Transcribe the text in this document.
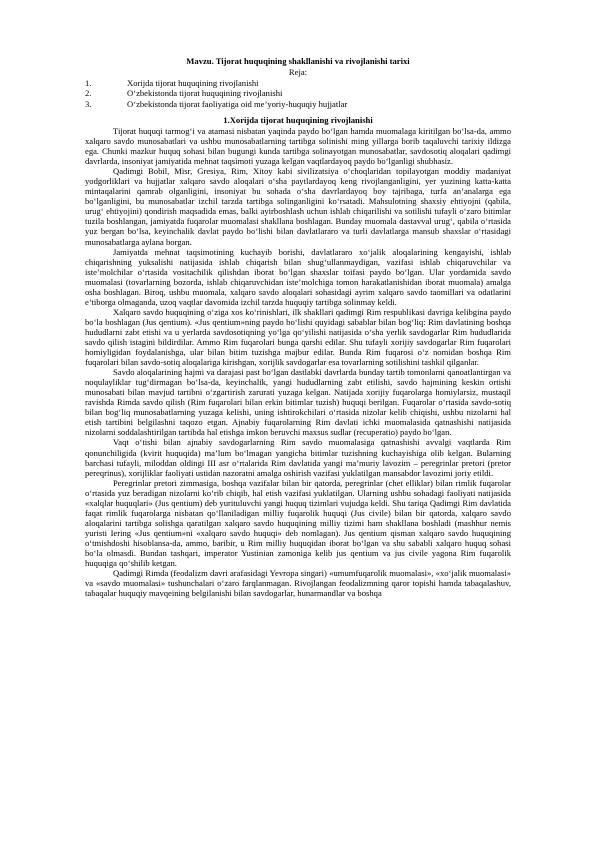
Mavzu. Tijorat huquqining shakllanishi va rivojlanishi tarixi

Reja:

1.	Xorijda tijorat huquqining rivojlanishi
2.	O‘zbekistonda tijorat huquqining rivojlanishi
3.	O‘zbekistonda tijorat faoliyatiga oid me’yoriy-huquqiy hujjatlar

1.Xorijda tijorat huquqining rivojlanishi

Tijorat huquqi tarmog‘i va atamasi nisbatan yaqinda paydo bo‘lgan hamda muomalaga kiritilgan bo‘lsa-da, ammo xalqaro savdo munosabatlari va ushbu munosabatlarning tartibga solinishi ming yillarga borib taqaluvchi tarixiy ildizga ega. Chunki mazkur huquq sohasi bilan bugungi kunda tartibga solinayotgan munosabatlar, savdosotiq aloqalari qadimgi davrlarda, insoniyat jamiyatida mehnat taqsimoti yuzaga kelgan vaqtlardayoq paydo bo‘lganligi shubhasiz.

Qadimgi Bobil, Misr, Gresiya, Rim, Xitoy kabi sivilizatsiya o‘choqlaridan topilayotgan moddiy madaniyat yodgorliklari va hujjatlar xalqaro savdo aloqalari o‘sha paytlardayoq keng rivojlanganligini, yer yuzining katta-katta mintaqalarini qamrab olganligini, insoniyat bu sohada o‘sha davrlardayoq boy tajribaga, turfa an’analarga ega bo‘lganligini, bu munosabatlar izchil tarzda tartibga solinganligini ko‘rsatadi. Mahsulotning shaxsiy ehtiyojni (qabila, urug‘ ehtiyojini) qondirish maqsadida emas, balki ayirboshlash uchun ishlab chiqarilishi va sotilishi tufayli o‘zaro bitimlar tuzila boshlangan, jamiyatda fuqarolar muomalasi shakllana boshlagan. Bunday muomala dastavval urug‘, qabila o‘rtasida yuz bergan bo‘lsa, keyinchalik davlat paydo bo‘lishi bilan davlatlararo va turli davlatlarga mansub shaxslar o‘rtasidagi munosabatlarga aylana borgan.

Jamiyatda mehnat taqsimotining kuchayib borishi, davlatlararo xo‘jalik aloqalarining kengayishi, ishlab chiqarishning yuksalishi natijasida ishlab chiqarish bilan shug‘ullanmaydigan, vazifasi ishlab chiqaruvchilar va iste’molchilar o‘rtasida vositachilik qilishdan iborat bo‘lgan shaxslar toifasi paydo bo‘lgan. Ular yordamida savdo muomalasi (tovarlarning bozorda, ishlab chiqaruvchidan iste’molchiga tomon harakatlanishidan iborat muomala) amalga osha boshlagan. Biroq, ushbu muomala, xalqaro savdo aloqalari sohasidagi ayrim xalqaro savdo taomillari va odatlarini e’tiborga olmaganda, uzoq vaqtlar davomida izchil tarzda huquqiy tartibga solinmay keldi.

Xalqaro savdo huquqining o‘ziga xos ko‘rinishlari, ilk shakllari qadimgi Rim respublikasi davriga kelibgina paydo bo‘la boshlagan (Jus qentium). «Jus qentium»ning paydo bo‘lishi quyidagi sabablar bilan bog‘liq: Rim davlatining boshqa hududlarni zabt etishi va u yerlarda savdosotiqning yo‘lga qo‘yilishi natijasida o‘sha yerlik savdogarlar Rim hududlarida savdo qilish istagini bildirdilar. Ammo Rim fuqarolari bunga qarshi edilar. Shu tufayli xorijiy savdogarlar Rim fuqarolari homiyligidan foydalanishga, ular bilan bitim tuzishga majbur edilar. Bunda Rim fuqarosi o‘z nomidan boshqa Rim fuqarolari bilan savdo-sotiq aloqalariga kirishgan, xorijlik savdogarlar esa tovarlarning sotilishini tashkil qilganlar.

Savdo aloqalarining hajmi va darajasi past bo‘lgan dastlabki davrlarda bunday tartib tomonlarni qanoatlantirgan va noqulayliklar tug‘dirmagan bo‘lsa-da, keyinchalik, yangi hududlarning zabt etilishi, savdo hajmining keskin ortishi munosabati bilan mavjud tartibni o‘zgartirish zarurati yuzaga kelgan. Natijada xorijiy fuqarolarga homiylarsiz, mustaqil ravishda Rimda savdo qilish (Rim fuqarolari bilan erkin bitimlar tuzish) huquqi berilgan. Fuqarolar o‘rtasida savdo-sotiq bilan bog‘liq munosabatlarning yuzaga kelishi, uning ishtirokchilari o‘rtasida nizolar kelib chiqishi, ushbu nizolarni hal etish tartibini belgilashni taqozo etgan. Ajnabiy fuqarolarning Rim davlati ichki muomalasida qatnashishi natijasida nizolarni soddalashtirilgan tartibda hal etishga imkon beruvchi maxsus sudlar (recuperatio) paydo bo‘lgan.

Vaqt o‘tishi bilan ajnabiy savdogarlarning Rim savdo muomalasiga qatnashishi avvalgi vaqtlarda Rim qonunchiligida (kvirit huquqida) ma’lum bo‘lmagan yangicha bitimlar tuzishning kuchayishiga olib kelgan. Bularning barchasi tufayli, miloddan oldingi III asr o‘rtalarida Rim davlatida yangi ma’muriy lavozim – peregrinlar pretori (pretor pereqrinus), xorijliklar faoliyati ustidan nazoratni amalga oshirish vazifasi yuklatilgan mansabdor lavozimi joriy etildi.

Peregrinlar pretori zimmasiga, boshqa vazifalar bilan bir qatorda, peregrinlar (chet elliklar) bilan rimlik fuqarolar o‘rtasida yuz beradigan nizolarni ko‘rib chiqib, hal etish vazifasi yuklatilgan. Ularning ushbu sohadagi faoliyati natijasida «xalqlar huquqlari» (Jus qentium) deb yurituluvchi yangi huquq tizimlari vujudga keldi. Shu tariqa Qadimgi Rim davlatida faqat rimlik fuqarolarga nisbatan qo‘llaniladigan milliy fuqarolik huquqi (Jus civile) bilan bir qatorda, xalqaro savdo aloqalarini tartibga solishga qaratilgan xalqaro savdo huquqining milliy tizimi ham shakllana boshladi (mashhur nemis yuristi Iering «Jus qentium»ni «xalqaro savdo huquqi» deb nomlagan). Jus qentium qisman xalqaro savdo huquqining o‘tmishdoshi hisoblansa-da, ammo, baribir, u Rim milliy huquqidan iborat bo‘lgan va shu sababli xalqaro huquq sohasi bo‘la olmasdi. Bundan tashqari, imperator Yustinian zamoniga kelib jus qentium va jus civile yagona Rim fuqarolik huquqiga qo‘shilib ketgan.

Qadimgi Rimda (feodalizm davri arafasidagi Yevropa singari) «umumfuqarolik muomalasi», «xo‘jalik muomalasi» va «savdo muomalasi» tushunchalari o‘zaro farqlanmagan. Rivojlangan feodalizmning qaror topishi hamda tabaqalashuv, tabaqalar huquqiy mavqeining belgilanishi bilan savdogarlar, hunarmandlar va boshqa
